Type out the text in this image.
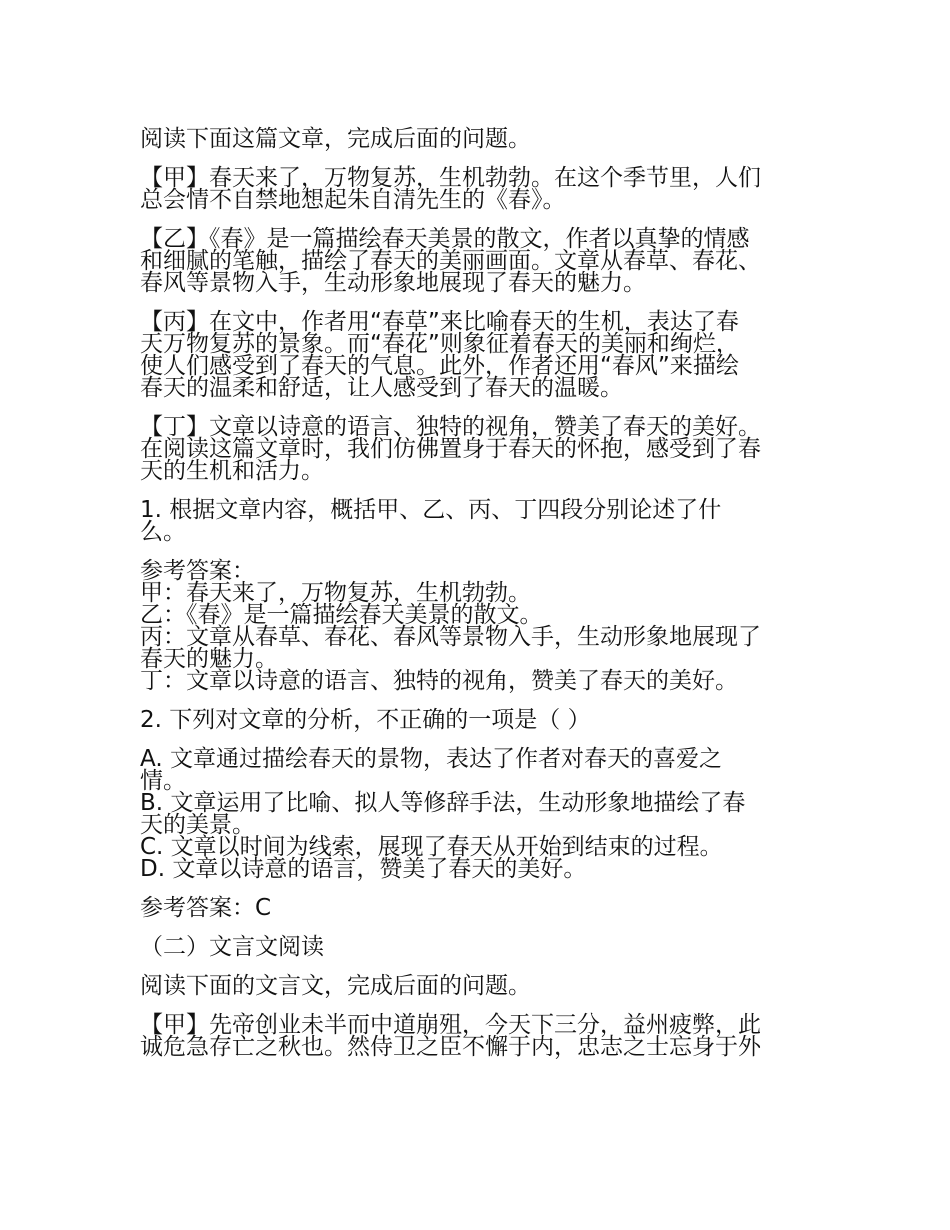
阅读下面这篇文章，完成后面的问题。
【甲】春天来了，万物复苏，生机勃勃。在这个季节里，人们
总会情不自禁地想起朱自清先生的《春》。
【乙】《春》是一篇描绘春天美景的散文，作者以真挚的情感
和细腻的笔触，描绘了春天的美丽画面。文章从春草、春花、
春风等景物入手，生动形象地展现了春天的魅力。
【丙】在文中，作者用“春草”来比喻春天的生机，表达了春
天万物复苏的景象。而“春花”则象征着春天的美丽和绚烂，
使人们感受到了春天的气息。此外，作者还用“春风”来描绘
春天的温柔和舒适，让人感受到了春天的温暖。
【丁】文章以诗意的语言、独特的视角，赞美了春天的美好。
在阅读这篇文章时，我们仿佛置身于春天的怀抱，感受到了春
天的生机和活力。
1. 根据文章内容，概括甲、乙、丙、丁四段分别论述了什
么。
参考答案：
甲：春天来了，万物复苏，生机勃勃。
乙：《春》是一篇描绘春天美景的散文。
丙：文章从春草、春花、春风等景物入手，生动形象地展现了
春天的魅力。
丁：文章以诗意的语言、独特的视角，赞美了春天的美好。
2. 下列对文章的分析，不正确的一项是（ ）
A. 文章通过描绘春天的景物，表达了作者对春天的喜爱之
情。
B. 文章运用了比喻、拟人等修辞手法，生动形象地描绘了春
天的美景。
C. 文章以时间为线索，展现了春天从开始到结束的过程。
D. 文章以诗意的语言，赞美了春天的美好。
参考答案：C
（二）文言文阅读
阅读下面的文言文，完成后面的问题。
【甲】先帝创业未半而中道崩殂，今天下三分，益州疲弊，此
诚危急存亡之秋也。然侍卫之臣不懈于内，忠志之士忘身于外
